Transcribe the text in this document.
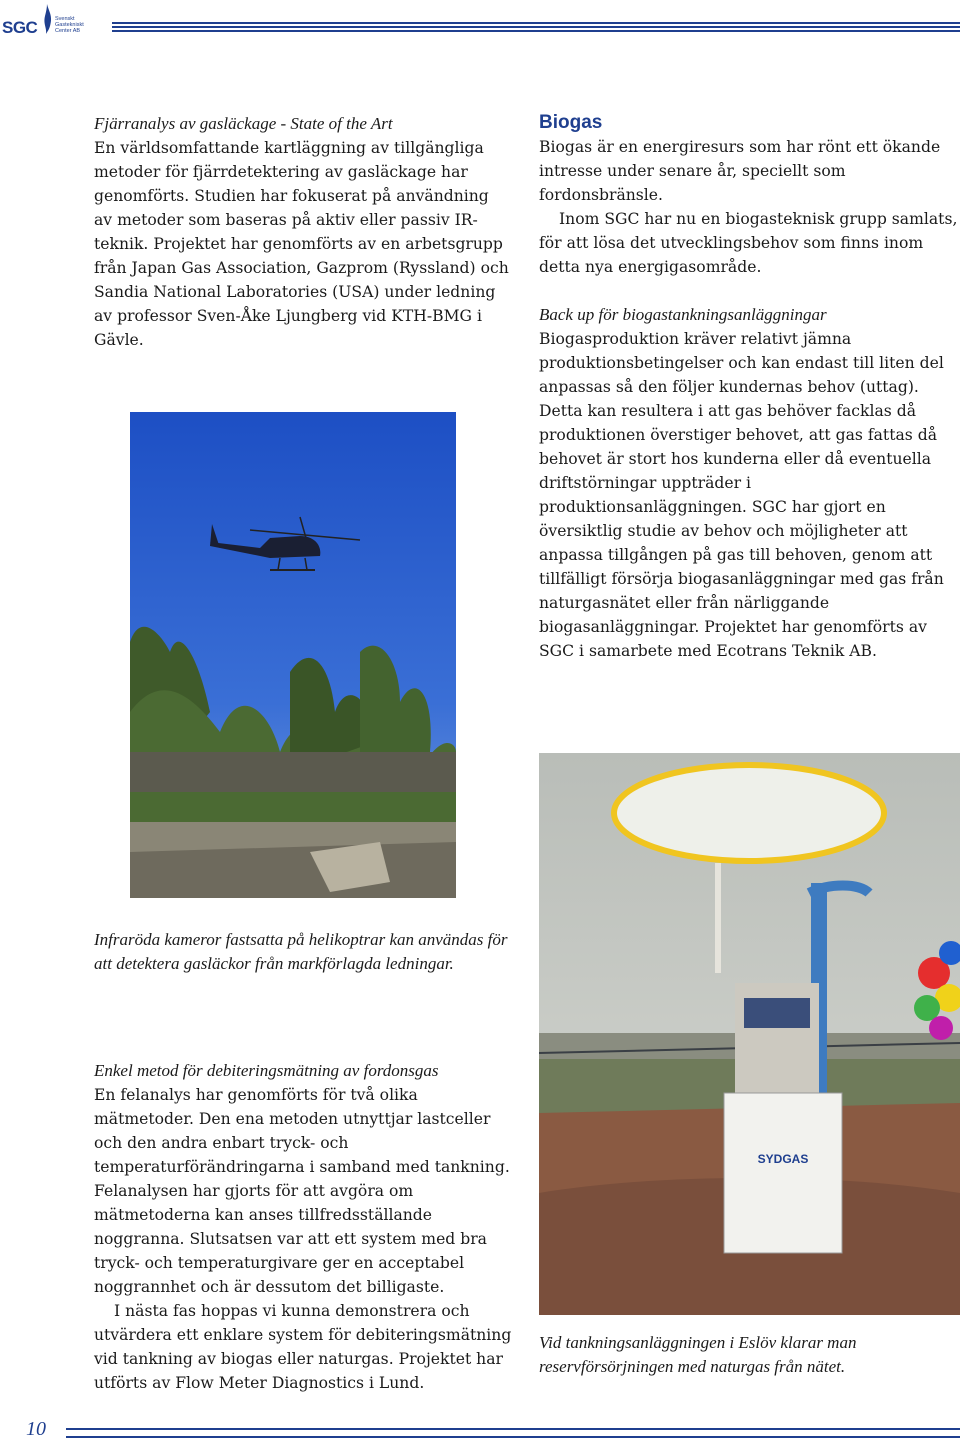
SGC	Svenskt
Gastekniskt
Center AB

Fjärranalys av gasläckage - State of the Art

En världsomfattande kartläggning av tillgängliga metoder för fjärrdetektering av gasläckage har genomförts. Studien har fokuserat på användning av metoder som baseras på aktiv eller passiv IR-teknik. Projektet har genomförts av en arbetsgrupp från Japan Gas Association, Gazprom (Ryssland) och Sandia National Laboratories (USA) under ledning av professor Sven-Åke Ljungberg vid KTH-BMG i Gävle.

Infraröda kameror fastsatta på helikoptrar kan användas för att detektera gasläckor från markförlagda ledningar.

Enkel metod för debiteringsmätning av fordonsgas

En felanalys har genomförts för två olika mätmetoder. Den ena metoden utnyttjar lastceller och den andra enbart tryck- och temperaturförändringarna i samband med tankning. Felanalysen har gjorts för att avgöra om mätmetoderna kan anses tillfredsställande noggranna. Slutsatsen var att ett system med bra tryck- och temperaturgivare ger en acceptabel noggrannhet och är dessutom det billigaste.

I nästa fas hoppas vi kunna demonstrera och utvärdera ett enklare system för debiteringsmätning vid tankning av biogas eller naturgas. Projektet har utförts av Flow Meter Diagnostics i Lund.

Biogas

Biogas är en energiresurs som har rönt ett ökande intresse under senare år, speciellt som fordonsbränsle.

Inom SGC har nu en biogasteknisk grupp samlats, för att lösa det utvecklingsbehov som finns inom detta nya energigasområde.

Back up för biogastankningsanläggningar

Biogasproduktion kräver relativt jämna produktionsbetingelser och kan endast till liten del anpassas så den följer kundernas behov (uttag). Detta kan resultera i att gas behöver facklas då produktionen överstiger behovet, att gas fattas då behovet är stort hos kunderna eller då eventuella driftstörningar uppträder i produktionsanläggningen. SGC har gjort en översiktlig studie av behov och möjligheter att anpassa tillgången på gas till behoven, genom att tillfälligt försörja biogasanläggningar med gas från naturgasnätet eller från närliggande biogasanläggningar. Projektet har genomförts av SGC i samarbete med Ecotrans Teknik AB.

SYDGAS

Vid tankningsanläggningen i Eslöv klarar man reservförsörjningen med naturgas från nätet.

10
